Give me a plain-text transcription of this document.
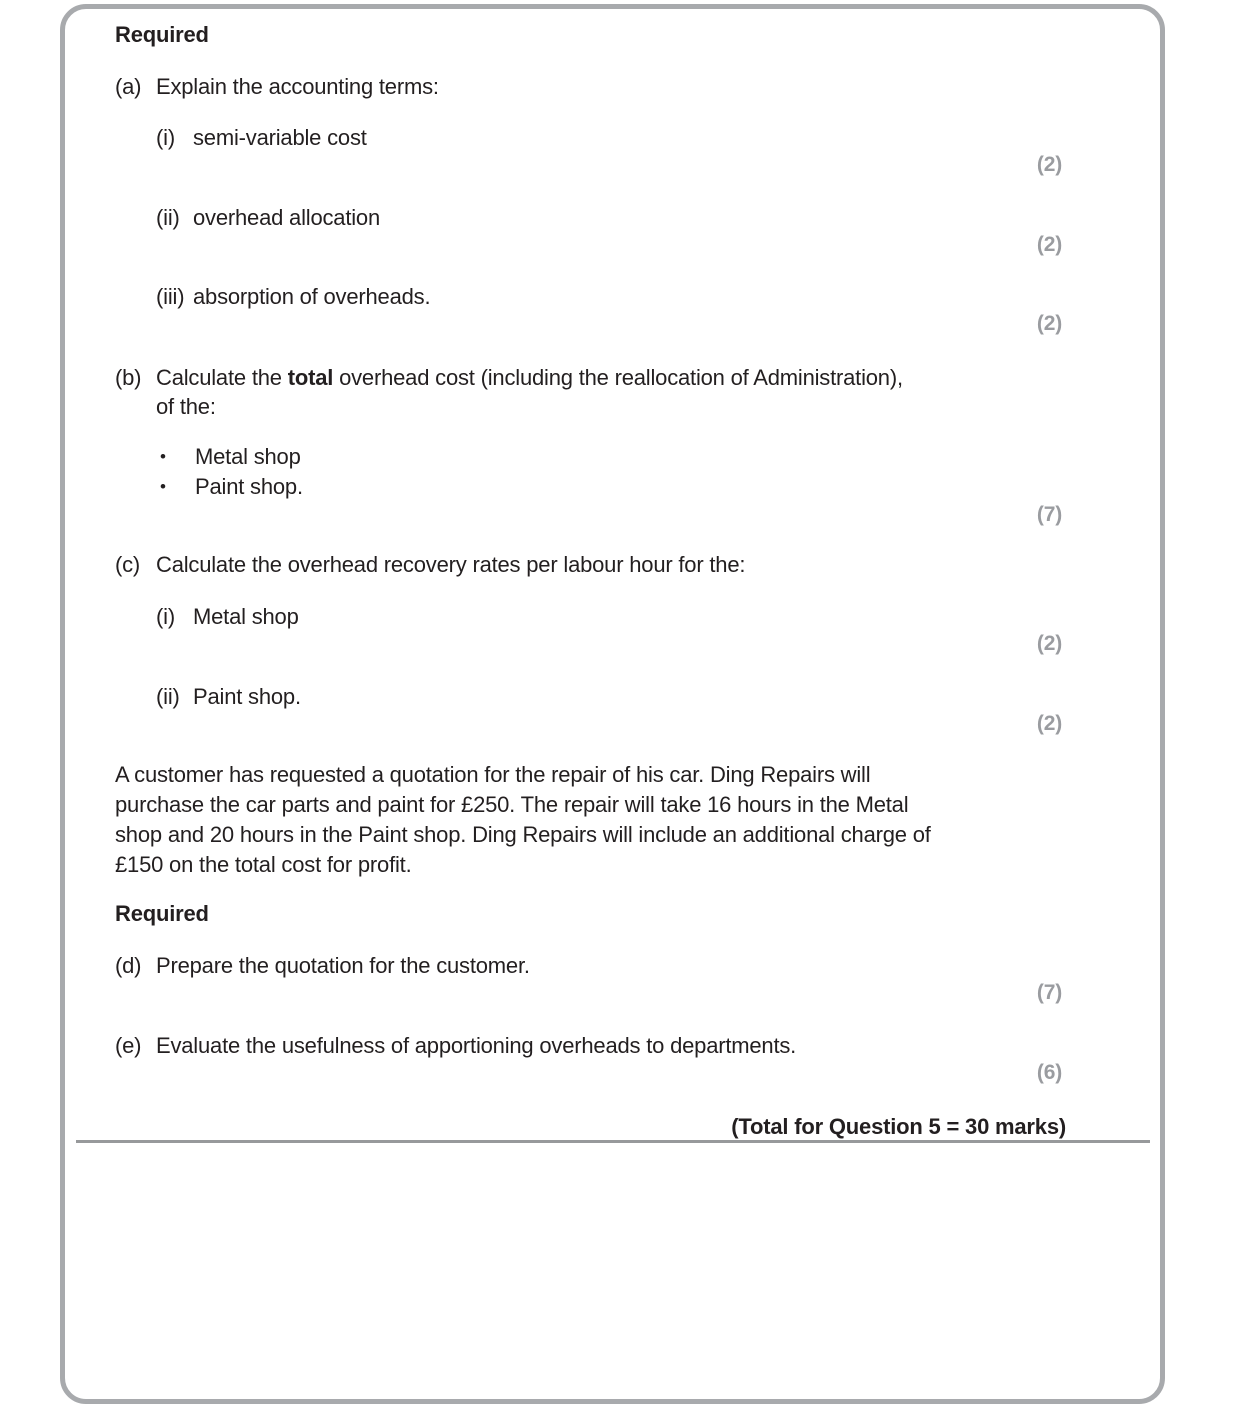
Required
(a) Explain the accounting terms:
(i) semi-variable cost
(2)
(ii) overhead allocation
(2)
(iii) absorption of overheads.
(2)
(b) Calculate the total overhead cost (including the reallocation of Administration),
of the:
• Metal shop
• Paint shop.
(7)
(c) Calculate the overhead recovery rates per labour hour for the:
(i) Metal shop
(2)
(ii) Paint shop.
(2)
A customer has requested a quotation for the repair of his car. Ding Repairs will
purchase the car parts and paint for £250. The repair will take 16 hours in the Metal
shop and 20 hours in the Paint shop. Ding Repairs will include an additional charge of
£150 on the total cost for profit.
Required
(d) Prepare the quotation for the customer.
(7)
(e) Evaluate the usefulness of apportioning overheads to departments.
(6)
(Total for Question 5 = 30 marks)
